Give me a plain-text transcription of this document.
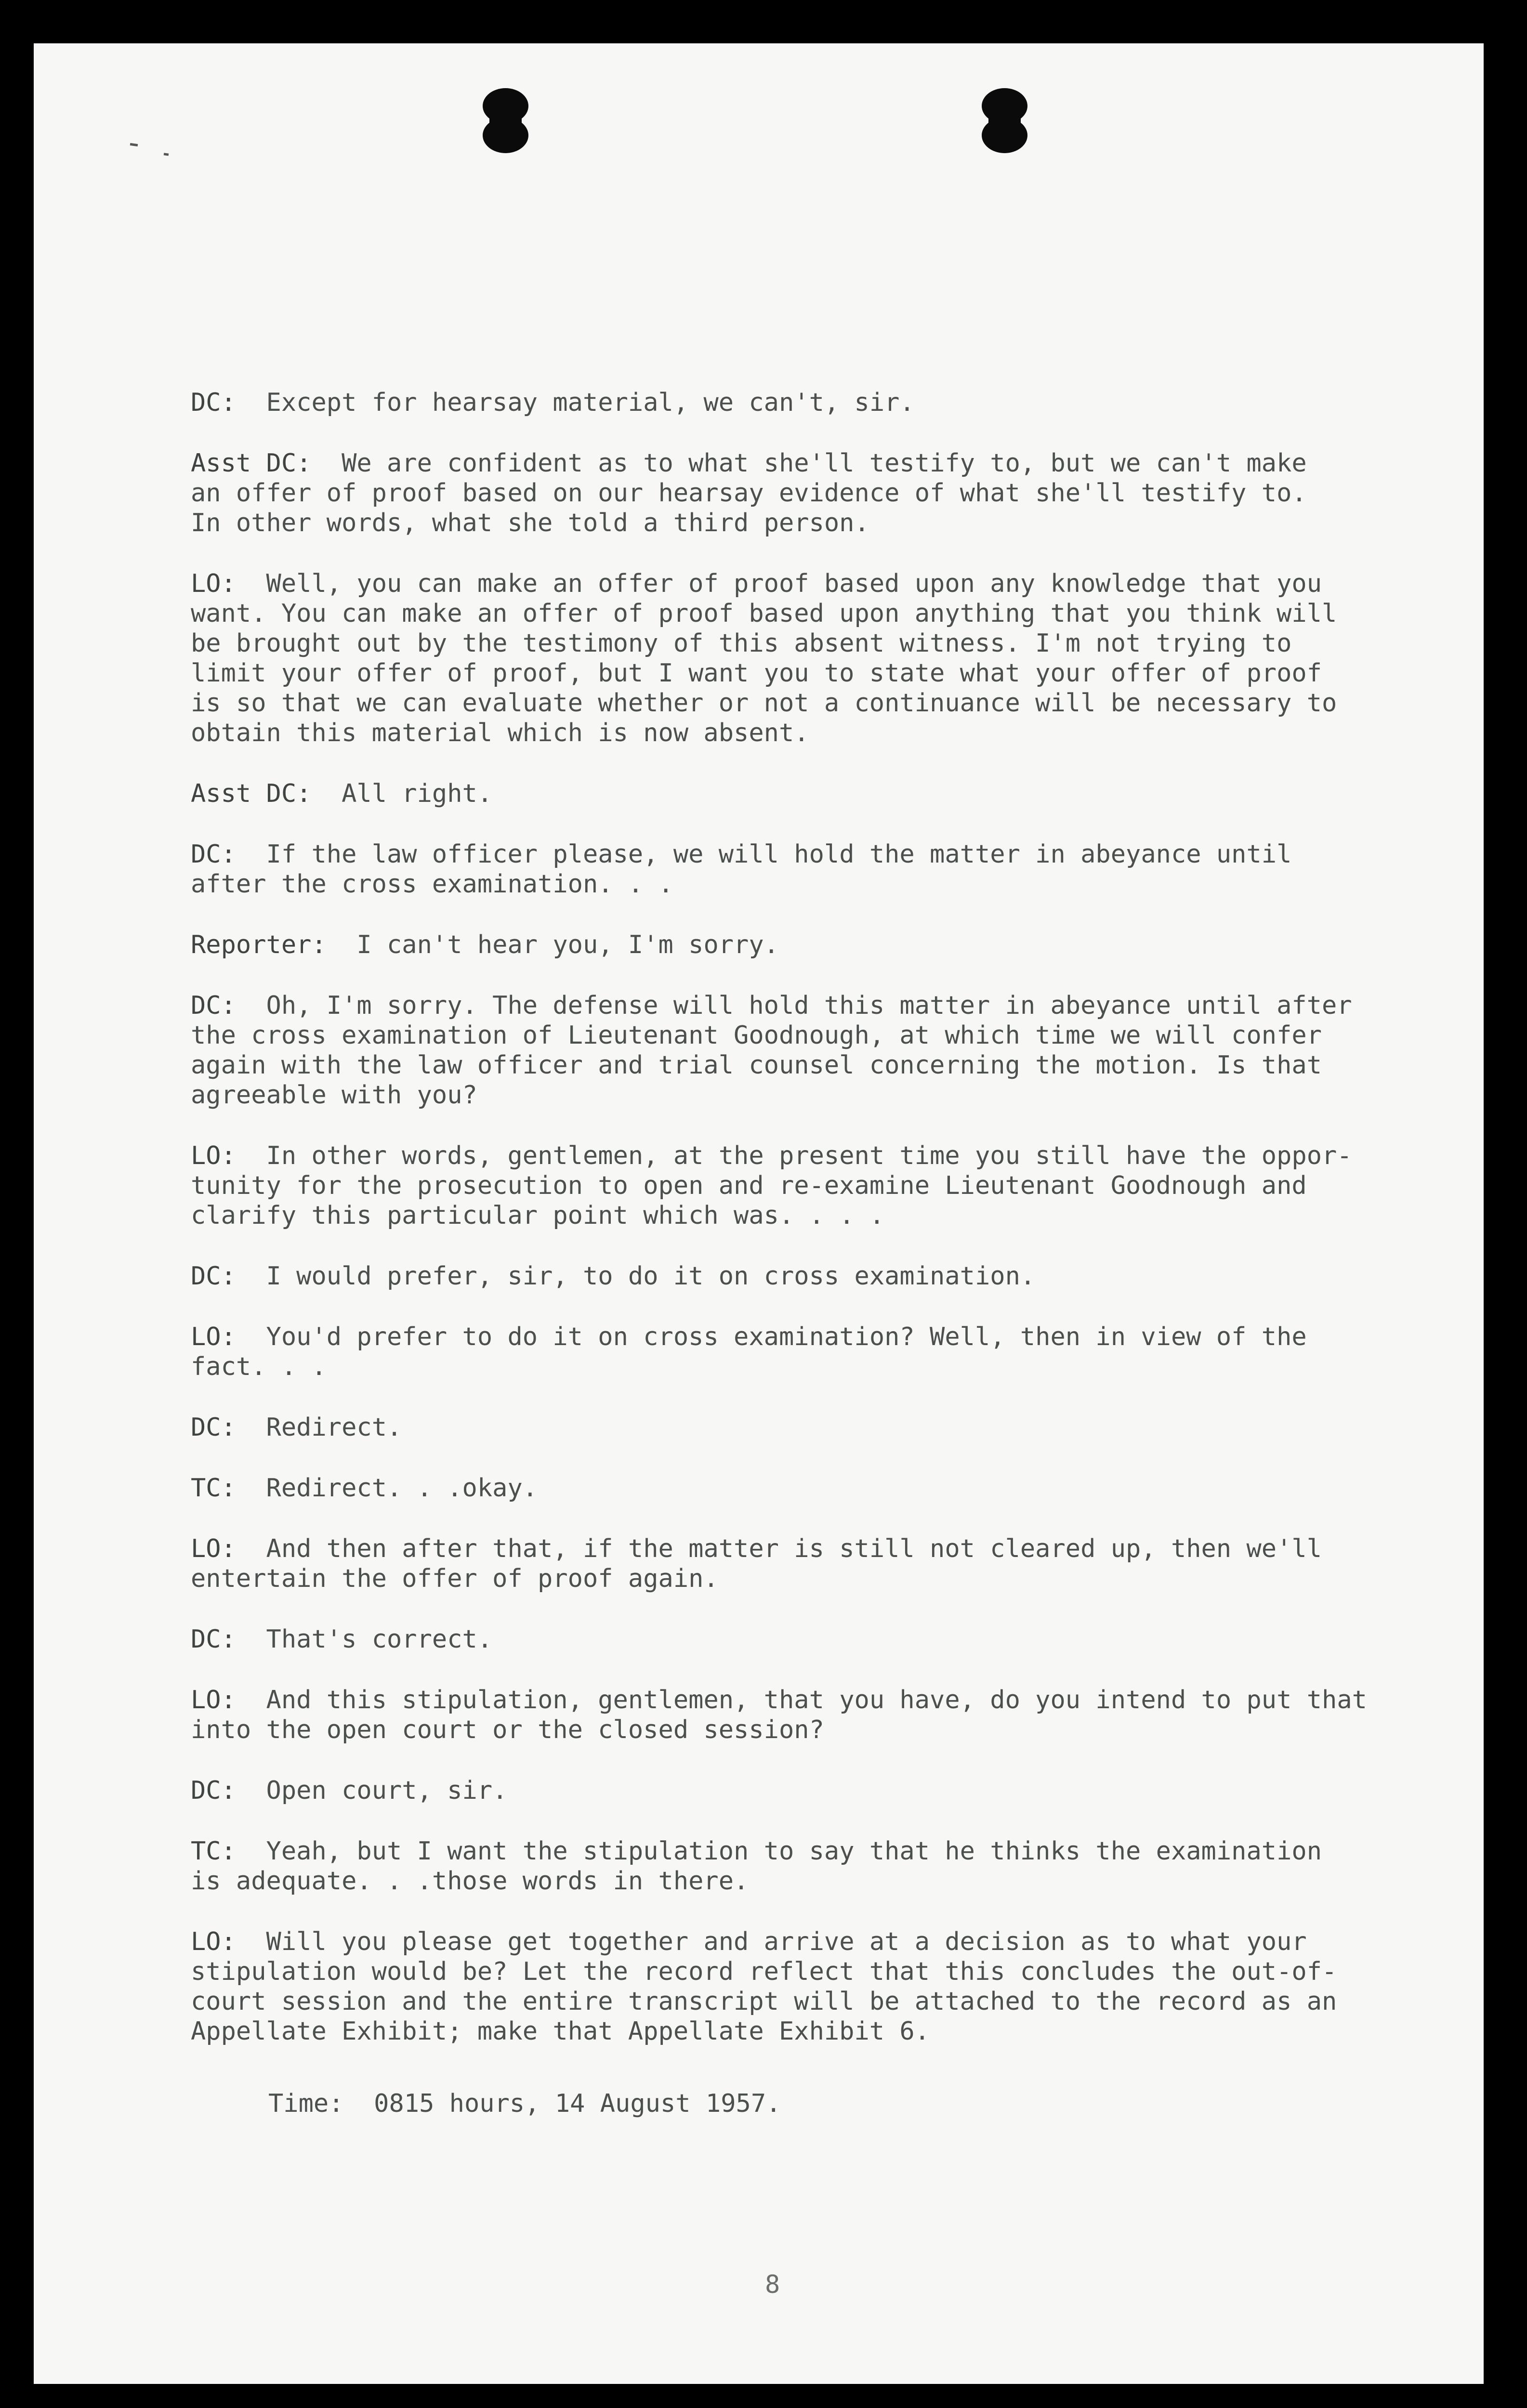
DC: Except for hearsay material, we can't, sir.
Asst DC: We are confident as to what she'll testify to, but we can't make
an offer of proof based on our hearsay evidence of what she'll testify to.
In other words, what she told a third person.
LO: Well, you can make an offer of proof based upon any knowledge that you
want. You can make an offer of proof based upon anything that you think will
be brought out by the testimony of this absent witness. I'm not trying to
limit your offer of proof, but I want you to state what your offer of proof
is so that we can evaluate whether or not a continuance will be necessary to
obtain this material which is now absent.
Asst DC: All right.
DC: If the law officer please, we will hold the matter in abeyance until
after the cross examination. . .
Reporter: I can't hear you, I'm sorry.
DC: Oh, I'm sorry. The defense will hold this matter in abeyance until after
the cross examination of Lieutenant Goodnough, at which time we will confer
again with the law officer and trial counsel concerning the motion. Is that
agreeable with you?
LO: In other words, gentlemen, at the present time you still have the oppor-
tunity for the prosecution to open and re-examine Lieutenant Goodnough and
clarify this particular point which was. . . .
DC: I would prefer, sir, to do it on cross examination.
LO: You'd prefer to do it on cross examination? Well, then in view of the
fact. . .
DC: Redirect.
TC: Redirect. . .okay.
LO: And then after that, if the matter is still not cleared up, then we'll
entertain the offer of proof again.
DC: That's correct.
LO: And this stipulation, gentlemen, that you have, do you intend to put that
into the open court or the closed session?
DC: Open court, sir.
TC: Yeah, but I want the stipulation to say that he thinks the examination
is adequate. . .those words in there.
LO: Will you please get together and arrive at a decision as to what your
stipulation would be? Let the record reflect that this concludes the out-of-
court session and the entire transcript will be attached to the record as an
Appellate Exhibit; make that Appellate Exhibit 6.

Time:  0815 hours, 14 August 1957.

8
